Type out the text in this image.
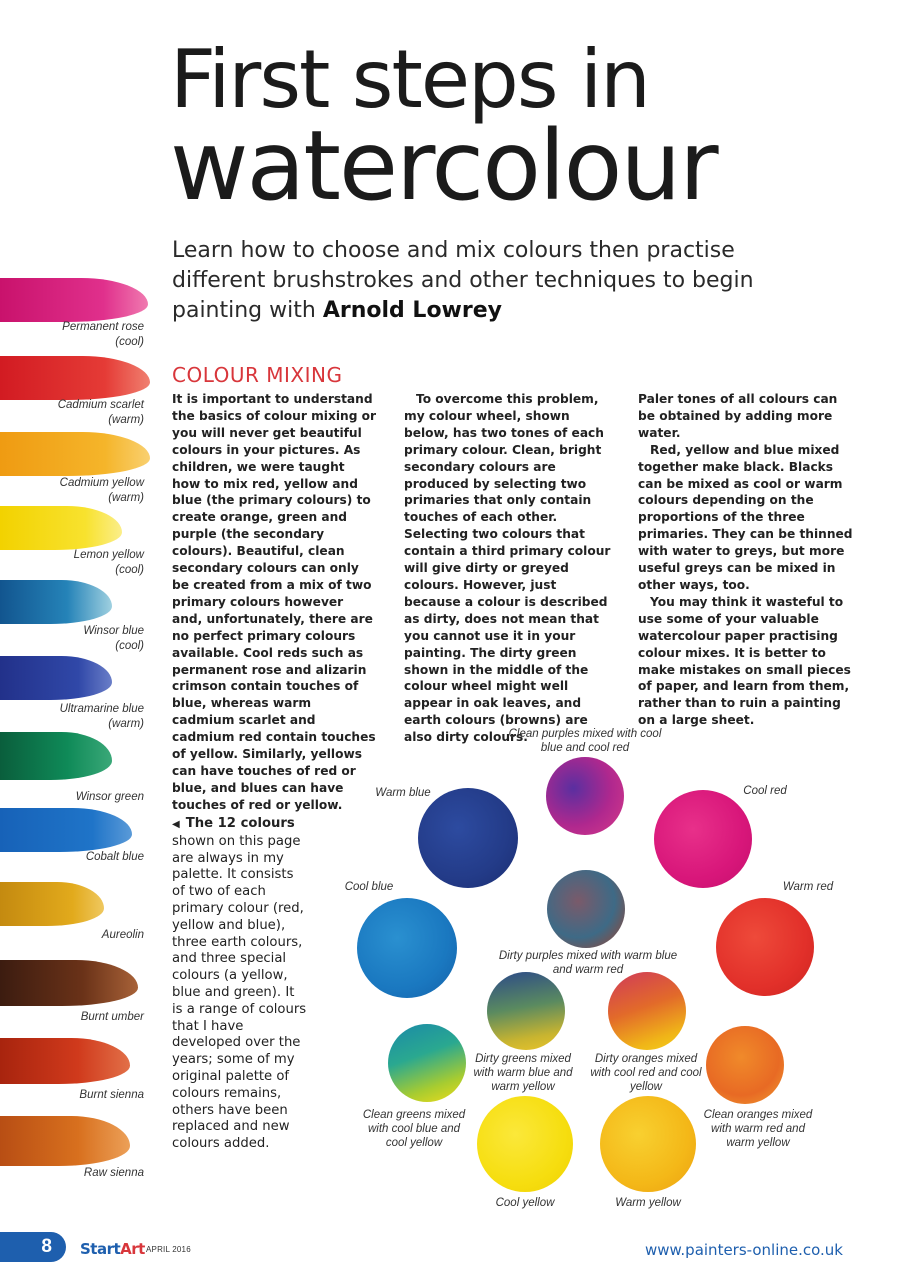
First steps in
watercolour
Learn how to choose and mix colours then practise different brushstrokes and other techniques to begin painting with Arnold Lowrey
Permanent rose
(cool)
Cadmium scarlet
(warm)
Cadmium yellow
(warm)
Lemon yellow
(cool)
Winsor blue
(cool)
Ultramarine blue
(warm)
Winsor green
Cobalt blue
Aureolin
Burnt umber
Burnt sienna
Raw sienna
COLOUR MIXING

It is important to understand the basics of colour mixing or you will never get beautiful colours in your pictures. As children, we were taught how to mix red, yellow and blue (the primary colours) to create orange, green and purple (the secondary colours). Beautiful, clean secondary colours can only be created from a mix of two primary colours however and, unfortunately, there are no perfect primary colours available. Cool reds such as permanent rose and alizarin crimson contain touches of blue, whereas warm cadmium scarlet and cadmium red contain touches of yellow. Similarly, yellows can have touches of red or blue, and blues can have touches of red or yellow.

To overcome this problem, my colour wheel, shown below, has two tones of each primary colour. Clean, bright secondary colours are produced by selecting two primaries that only contain touches of each other. Selecting two colours that contain a third primary colour will give dirty or greyed colours. However, just because a colour is described as dirty, does not mean that you cannot use it in your painting. The dirty green shown in the middle of the colour wheel might well appear in oak leaves, and earth colours (browns) are also dirty colours.

Paler tones of all colours can be obtained by adding more water.

Red, yellow and blue mixed together make black. Blacks can be mixed as cool or warm colours depending on the proportions of the three primaries. They can be thinned with water to greys, but more useful greys can be mixed in other ways, too.

You may think it wasteful to use some of your valuable watercolour paper practising colour mixes. It is better to make mistakes on small pieces of paper, and learn from them, rather than to ruin a painting on a large sheet.

◀ The 12 colours shown on this page are always in my palette. It consists of two of each primary colour (red, yellow and blue), three earth colours, and three special colours (a yellow, blue and green). It is a range of colours that I have developed over the years; some of my original palette of colours remains, others have been replaced and new colours added.
Clean purples mixed with cool blue and cool red
Warm blue	Cool red
Cool blue	Warm red
Dirty purples mixed with warm blue and warm red
Dirty greens mixed with warm blue and warm yellow
Dirty oranges mixed with cool red and cool yellow
Clean greens mixed with cool blue and cool yellow
Clean oranges mixed with warm red and warm yellow
Cool yellow	Warm yellow
8	StartArt APRIL 2016	www.painters-online.co.uk
